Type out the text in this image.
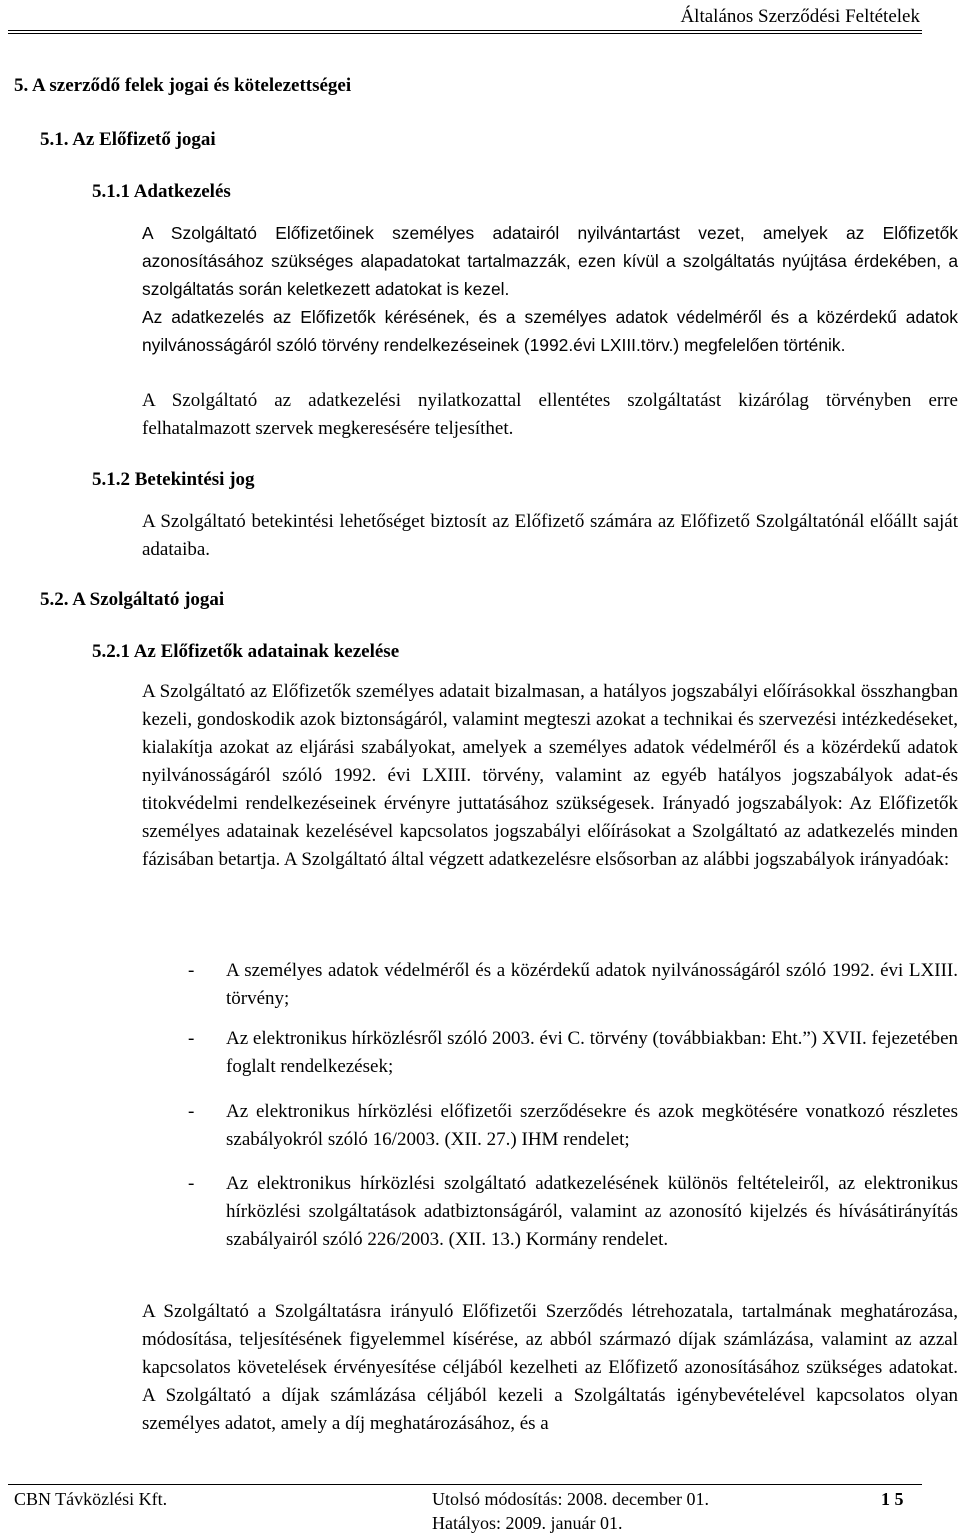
Általános Szerződési Feltételek
5. A szerződő felek jogai és kötelezettségei
5.1. Az Előfizető jogai
5.1.1 Adatkezelés

A Szolgáltató Előfizetőinek személyes adatairól nyilvántartást vezet, amelyek az Előfizetők azonosításához szükséges alapadatokat tartalmazzák, ezen kívül a szolgáltatás nyújtása érdekében, a szolgáltatás során keletkezett adatokat is kezel.

Az adatkezelés az Előfizetők kérésének, és a személyes adatok védelméről és a közérdekű adatok nyilvánosságáról szóló törvény rendelkezéseinek (1992.évi LXIII.törv.) megfelelően történik.

A Szolgáltató az adatkezelési nyilatkozattal ellentétes szolgáltatást kizárólag törvényben erre felhatalmazott szervek megkeresésére teljesíthet.

5.1.2 Betekintési jog

A Szolgáltató betekintési lehetőséget biztosít az Előfizető számára az Előfizető Szolgáltatónál előállt saját adataiba.

5.2. A Szolgáltató jogai
5.2.1 Az Előfizetők adatainak kezelése

A Szolgáltató az Előfizetők személyes adatait bizalmasan, a hatályos jogszabályi előírásokkal összhangban kezeli, gondoskodik azok biztonságáról, valamint megteszi azokat a technikai és szervezési intézkedéseket, kialakítja azokat az eljárási szabályokat, amelyek a személyes adatok védelméről és a közérdekű adatok nyilvánosságáról szóló 1992. évi LXIII. törvény, valamint az egyéb hatályos jogszabályok adat-és titokvédelmi rendelkezéseinek érvényre juttatásához szükségesek. Irányadó jogszabályok: Az Előfizetők személyes adatainak kezelésével kapcsolatos jogszabályi előírásokat a Szolgáltató az adatkezelés minden fázisában betartja. A Szolgáltató által végzett adatkezelésre elsősorban az alábbi jogszabályok irányadóak:

- A személyes adatok védelméről és a közérdekű adatok nyilvánosságáról szóló 1992. évi LXIII. törvény;
- Az elektronikus hírközlésről szóló 2003. évi C. törvény (továbbiakban: Eht.”) XVII. fejezetében foglalt rendelkezések;
- Az elektronikus hírközlési előfizetői szerződésekre és azok megkötésére vonatkozó részletes szabályokról szóló 16/2003. (XII. 27.) IHM rendelet;
- Az elektronikus hírközlési szolgáltató adatkezelésének különös feltételeiről, az elektronikus hírközlési szolgáltatások adatbiztonságáról, valamint az azonosító kijelzés és hívásátirányítás szabályairól szóló 226/2003. (XII. 13.) Kormány rendelet.

A Szolgáltató a Szolgáltatásra irányuló Előfizetői Szerződés létrehozatala, tartalmának meghatározása, módosítása, teljesítésének figyelemmel kísérése, az abból származó díjak számlázása, valamint az azzal kapcsolatos követelések érvényesítése céljából kezelheti az Előfizető azonosításához szükséges adatokat. A Szolgáltató a díjak számlázása céljából kezeli a Szolgáltatás igénybevételével kapcsolatos olyan személyes adatot, amely a díj meghatározásához, és a

CBN Távközlési Kft.	Utolsó módosítás: 2008. december 01.	1 5
Hatályos: 2009. január 01.
